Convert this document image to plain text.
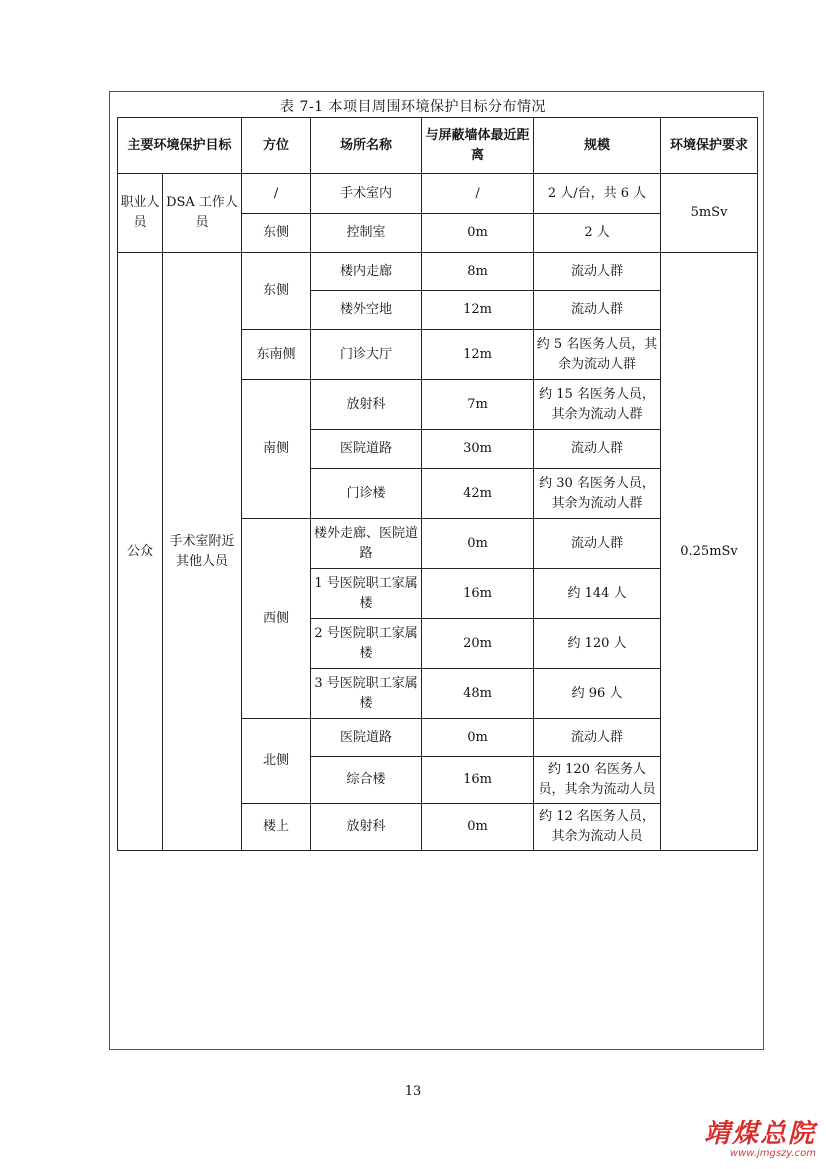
表 7-1 本项目周围环境保护目标分布情况
主要环境保护目标		方位	场所名称	与屏蔽墙体最近距离	规模	环境保护要求
职业人员	DSA 工作人员	/	手术室内	/	2 人/台，共 6 人	5mSv
		东侧	控制室	0m	2 人	
公众	手术室附近其他人员	东侧	楼内走廊	8m	流动人群	0.25mSv
			楼外空地	12m	流动人群	
		东南侧	门诊大厅	12m	约 5 名医务人员，其余为流动人群	
		南侧	放射科	7m	约 15 名医务人员，其余为流动人群	
			医院道路	30m	流动人群	
			门诊楼	42m	约 30 名医务人员，其余为流动人群	
		西侧	楼外走廊、医院道路	0m	流动人群	
			1 号医院职工家属楼	16m	约 144 人	
			2 号医院职工家属楼	20m	约 120 人	
			3 号医院职工家属楼	48m	约 96 人	
		北侧	医院道路	0m	流动人群	
			综合楼	16m	约 120 名医务人员，其余为流动人员	
		楼上	放射科	0m	约 12 名医务人员，其余为流动人员	
13
靖煤总院
www.jmgszy.com
